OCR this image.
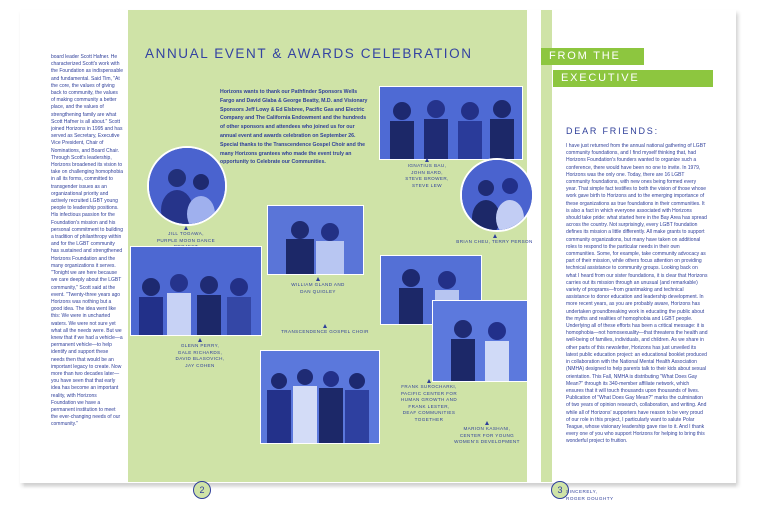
board leader Scott Hafner. He characterized Scott's work with the Foundation as indispensable and fundamental. Said Tim, "At the core, the values of giving back to community, the values of making community a better place, and the values of strengthening family are what Scott Hafner is all about." Scott joined Horizons in 1995 and has served as Secretary, Executive Vice President, Chair of Nominations, and Board Chair. Through Scott's leadership, Horizons broadened its vision to take on challenging homophobia in all its forms, committed to transgender issues as an organizational priority and actively recruited LGBT young people to leadership positions. His infectious passion for the Foundation's mission and his personal commitment to building a tradition of philanthropy within and for the LGBT community has sustained and strengthened Horizons Foundation and the many organizations it serves. "Tonight we are here because we care deeply about the LGBT community," Scott said at the event. "Twenty-three years ago Horizons was nothing but a good idea. The idea went like this: We were in uncharted waters. We were not sure yet what all the needs were. But we knew that if we had a vehicle—a permanent vehicle—to help identify and support these needs then that would be an important legacy to create. Now more than two decades later—you have seen that that early idea has become an important reality, with Horizons Foundation we have a permanent institution to meet the ever-changing needs of our community."
ANNUAL EVENT & AWARDS CELEBRATION
Horizons wants to thank our Pathfinder Sponsors Wells Fargo and David Glaba & George Beatty, M.D. and Visionary Sponsors Jeff Lowy & Ed Elsbree, Pacific Gas and Electric Company and The California Endowment and the hundreds of other sponsors and attendees who joined us for our annual event and awards celebration on September 26. Special thanks to the Transcendence Gospel Choir and the many Horizons grantees who made the event truly an opportunity to Celebrate our Communities.
JILL TOGAWA,
PURPLE MOON DANCE

WILLIAM GLAND AND
DAN QUIGLEY
TRANSCENDENCE GOSPEL CHOIR
GLENN PERRY,
GALE RICHARDS,
DAVID BLASOVICH,
JAY COHEN
IGNATIUS BAU,
JOHN BARD,
STEVE BROWER,
STEVE LEW
BRIAN CHEU, TERRY PERSON
FRANK SUROCHARKI,
PACIFIC CENTER FOR
HUMAN GROWTH AND
FRANK LESTER,
DEAF COMMUNITIES
TOGETHER
MARION KASHANI,
CENTER FOR YOUNG
WOMEN'S DEVELOPMENT
2	3
FROM THE
EXECUTIVE DIRECTOR
DEAR FRIENDS:
I have just returned from the annual national gathering of LGBT community foundations, and I find myself thinking that, had Horizons Foundation's founders wanted to organize such a conference, there would have been no one to invite. In 1979, Horizons was the only one. Today, there are 16 LGBT community foundations, with new ones being formed every year. That simple fact testifies to both the vision of those whose work gave birth to Horizons and to the emerging importance of these organizations as true foundations in their communities. It is also a fact in which everyone associated with Horizons should take pride: what started here in the Bay Area has spread across the country. Not surprisingly, every LGBT foundation defines its mission a little differently. All make grants to support community organizations, but many have taken on additional roles to respond to the particular needs in their own communities. Some, for example, take community advocacy as part of their mission, while others focus attention on providing technical assistance to community groups. Looking back on what I heard from our sister foundations, it is clear that Horizons carries out its mission through an unusual (and remarkable) variety of programs—from grantmaking and technical assistance to donor education and leadership development. In more recent years, as you are probably aware, Horizons has undertaken groundbreaking work in educating the public about the myths and realities of homophobia and LGBT people. Underlying all of these efforts has been a critical message: it is homophobia—not homosexuality—that threatens the health and well-being of families, individuals, and children. As we share in other parts of this newsletter, Horizons has just unveiled its latest public education project: an educational booklet produced in collaboration with the National Mental Health Association (NMHA) designed to help parents talk to their kids about sexual orientation. This Fall, NMHA is distributing "What Does Gay Mean?" through its 340-member affiliate network, which ensures that it will touch thousands upon thousands of lives. Publication of "What Does Gay Mean?" marks the culmination of two years of opinion research, collaboration, and writing. And while all of Horizons' supporters have reason to be very proud of our role in this project, I particularly want to salute Polar Teague, whose visionary leadership gave rise to it. And I thank every one of you who support Horizons for helping to bring this wonderful project to fruition.
SINCERELY,
ROGER DOUGHTY
